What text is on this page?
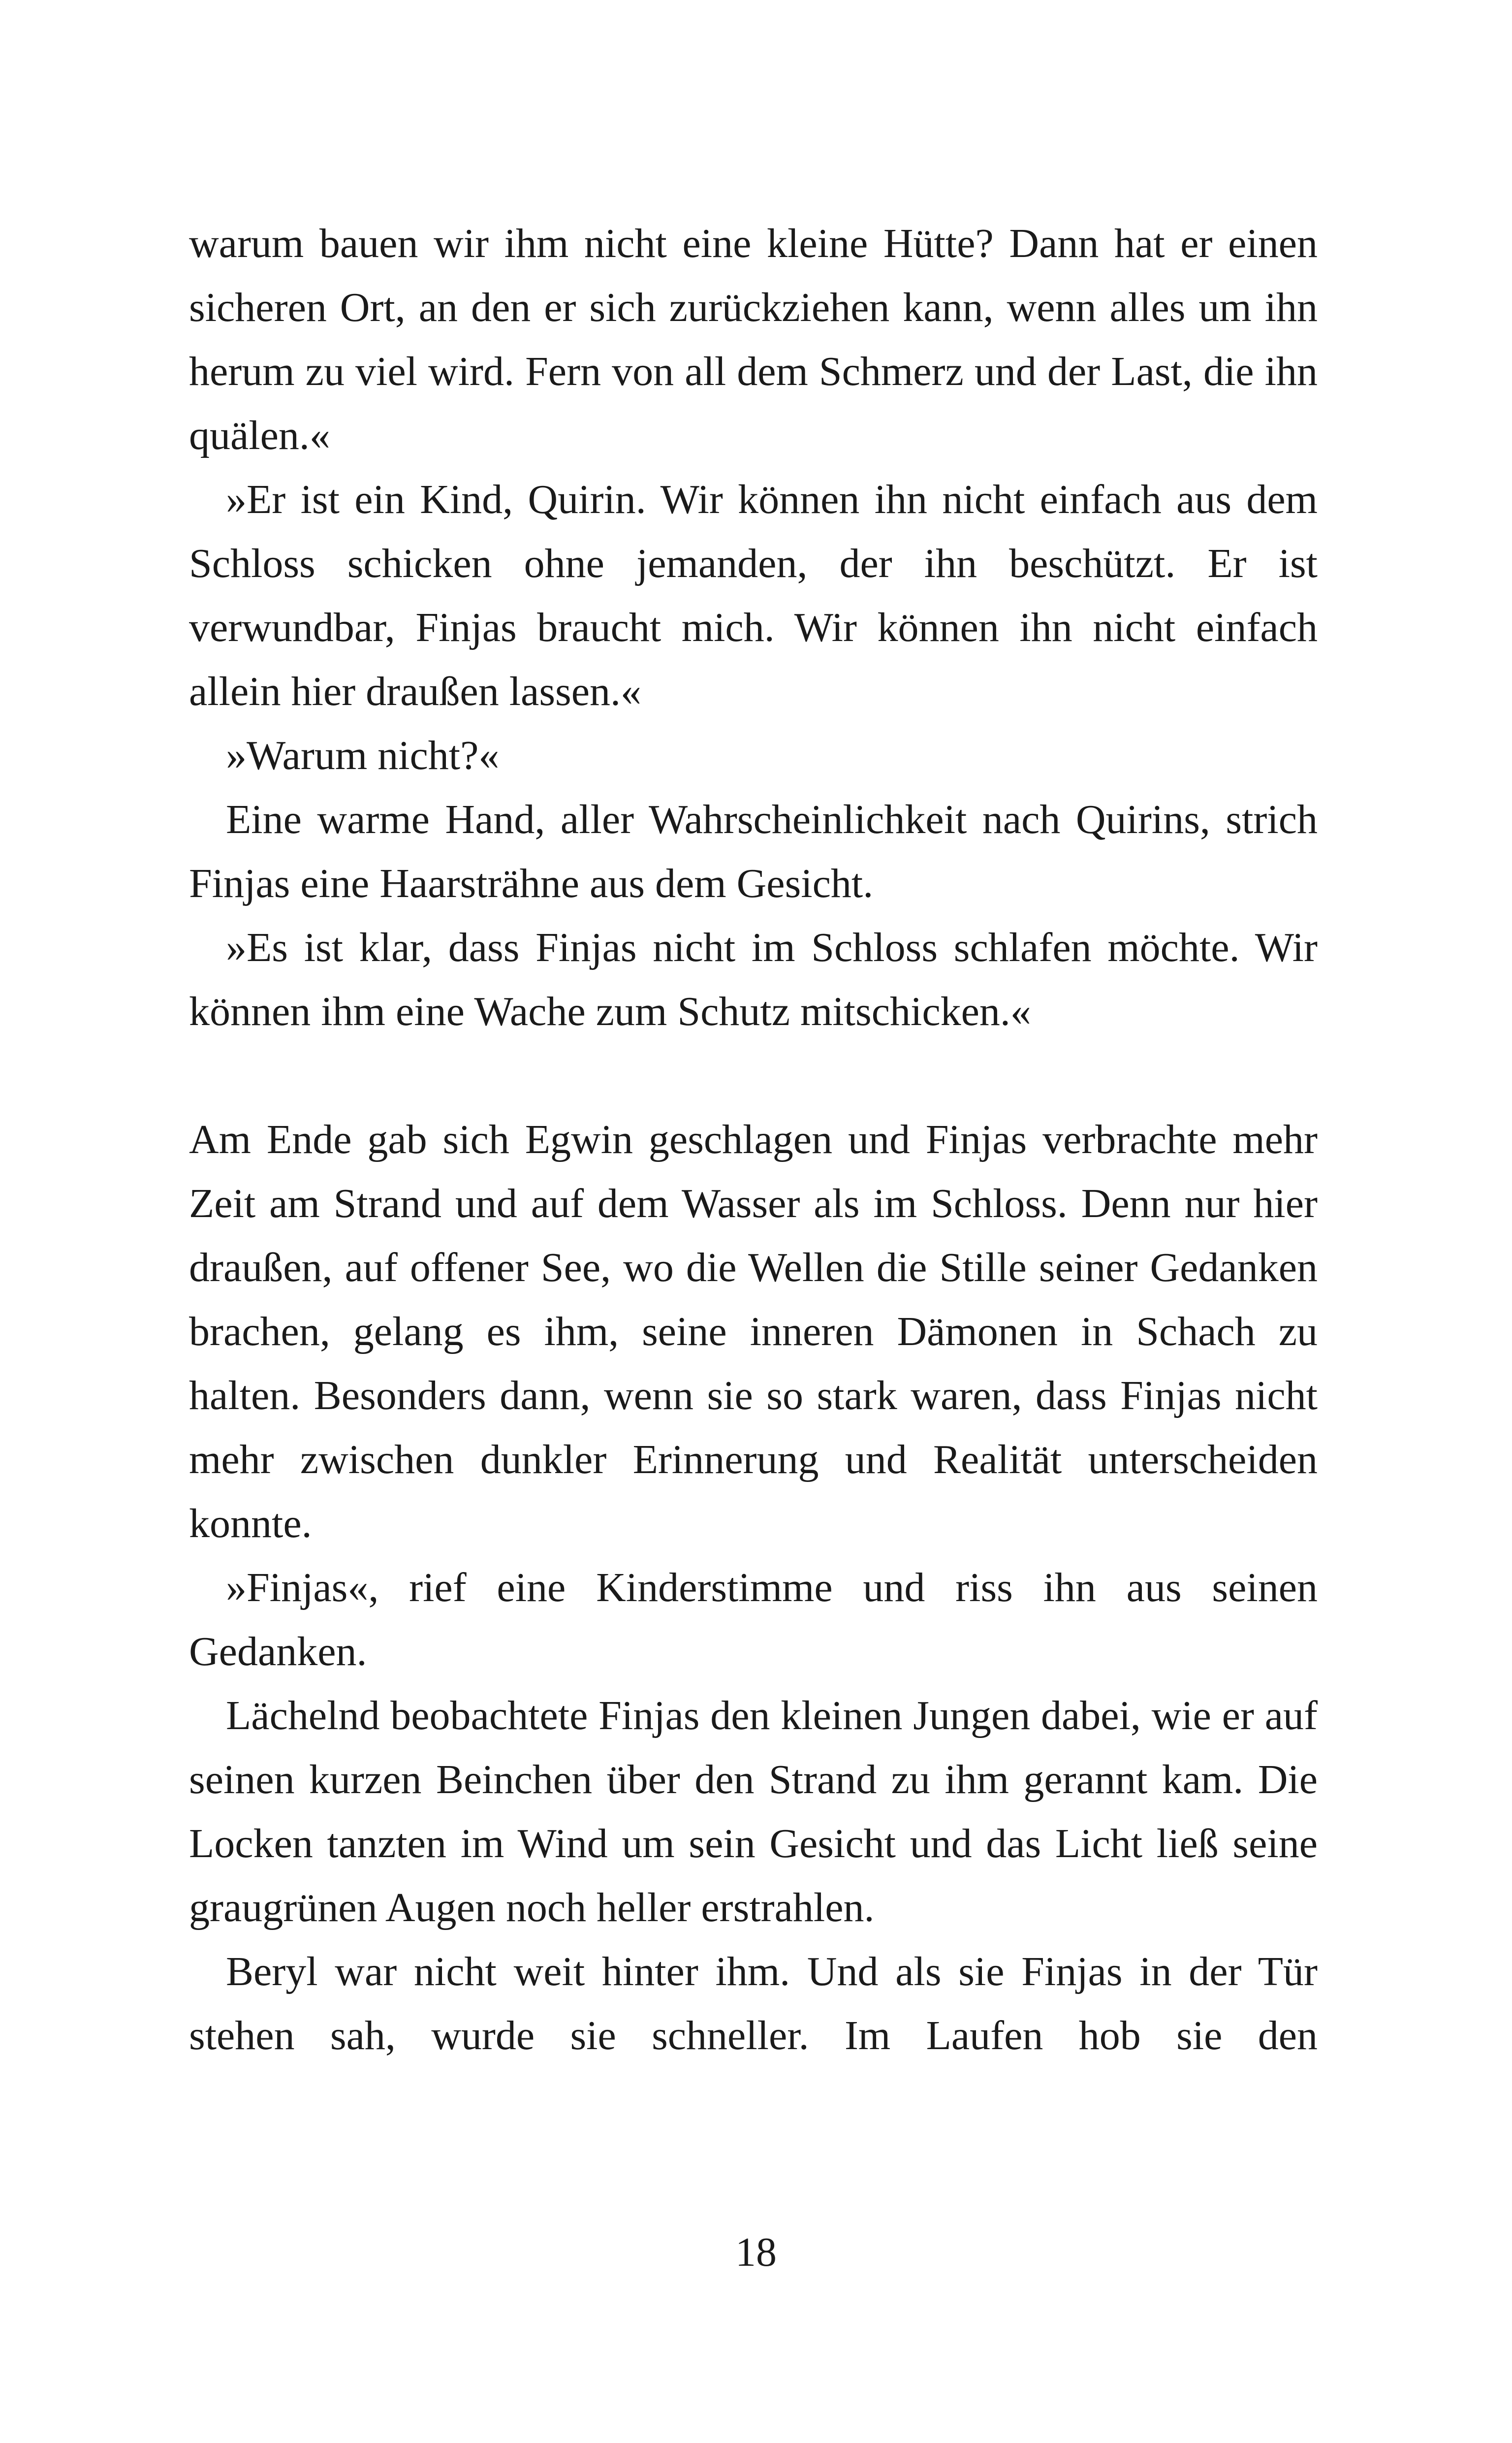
warum bauen wir ihm nicht eine kleine Hütte? Dann hat er einen sicheren Ort, an den er sich zurückziehen kann, wenn alles um ihn herum zu viel wird. Fern von all dem Schmerz und der Last, die ihn quälen.«

»Er ist ein Kind, Quirin. Wir können ihn nicht einfach aus dem Schloss schicken ohne jemanden, der ihn beschützt. Er ist verwundbar, Finjas braucht mich. Wir können ihn nicht einfach allein hier draußen lassen.«

»Warum nicht?«

Eine warme Hand, aller Wahrscheinlichkeit nach Quirins, strich Finjas eine Haarsträhne aus dem Gesicht.

»Es ist klar, dass Finjas nicht im Schloss schlafen möchte. Wir können ihm eine Wache zum Schutz mitschicken.«

Am Ende gab sich Egwin geschlagen und Finjas verbrachte mehr Zeit am Strand und auf dem Wasser als im Schloss. Denn nur hier draußen, auf offener See, wo die Wellen die Stille seiner Gedanken brachen, gelang es ihm, seine inneren Dämonen in Schach zu halten. Besonders dann, wenn sie so stark waren, dass Finjas nicht mehr zwischen dunkler Erinnerung und Realität unterscheiden konnte.

»Finjas«, rief eine Kinderstimme und riss ihn aus seinen Gedanken.

Lächelnd beobachtete Finjas den kleinen Jungen dabei, wie er auf seinen kurzen Beinchen über den Strand zu ihm gerannt kam. Die Locken tanzten im Wind um sein Gesicht und das Licht ließ seine graugrünen Augen noch heller erstrahlen.

Beryl war nicht weit hinter ihm. Und als sie Finjas in der Tür stehen sah, wurde sie schneller. Im Laufen hob sie den

18
